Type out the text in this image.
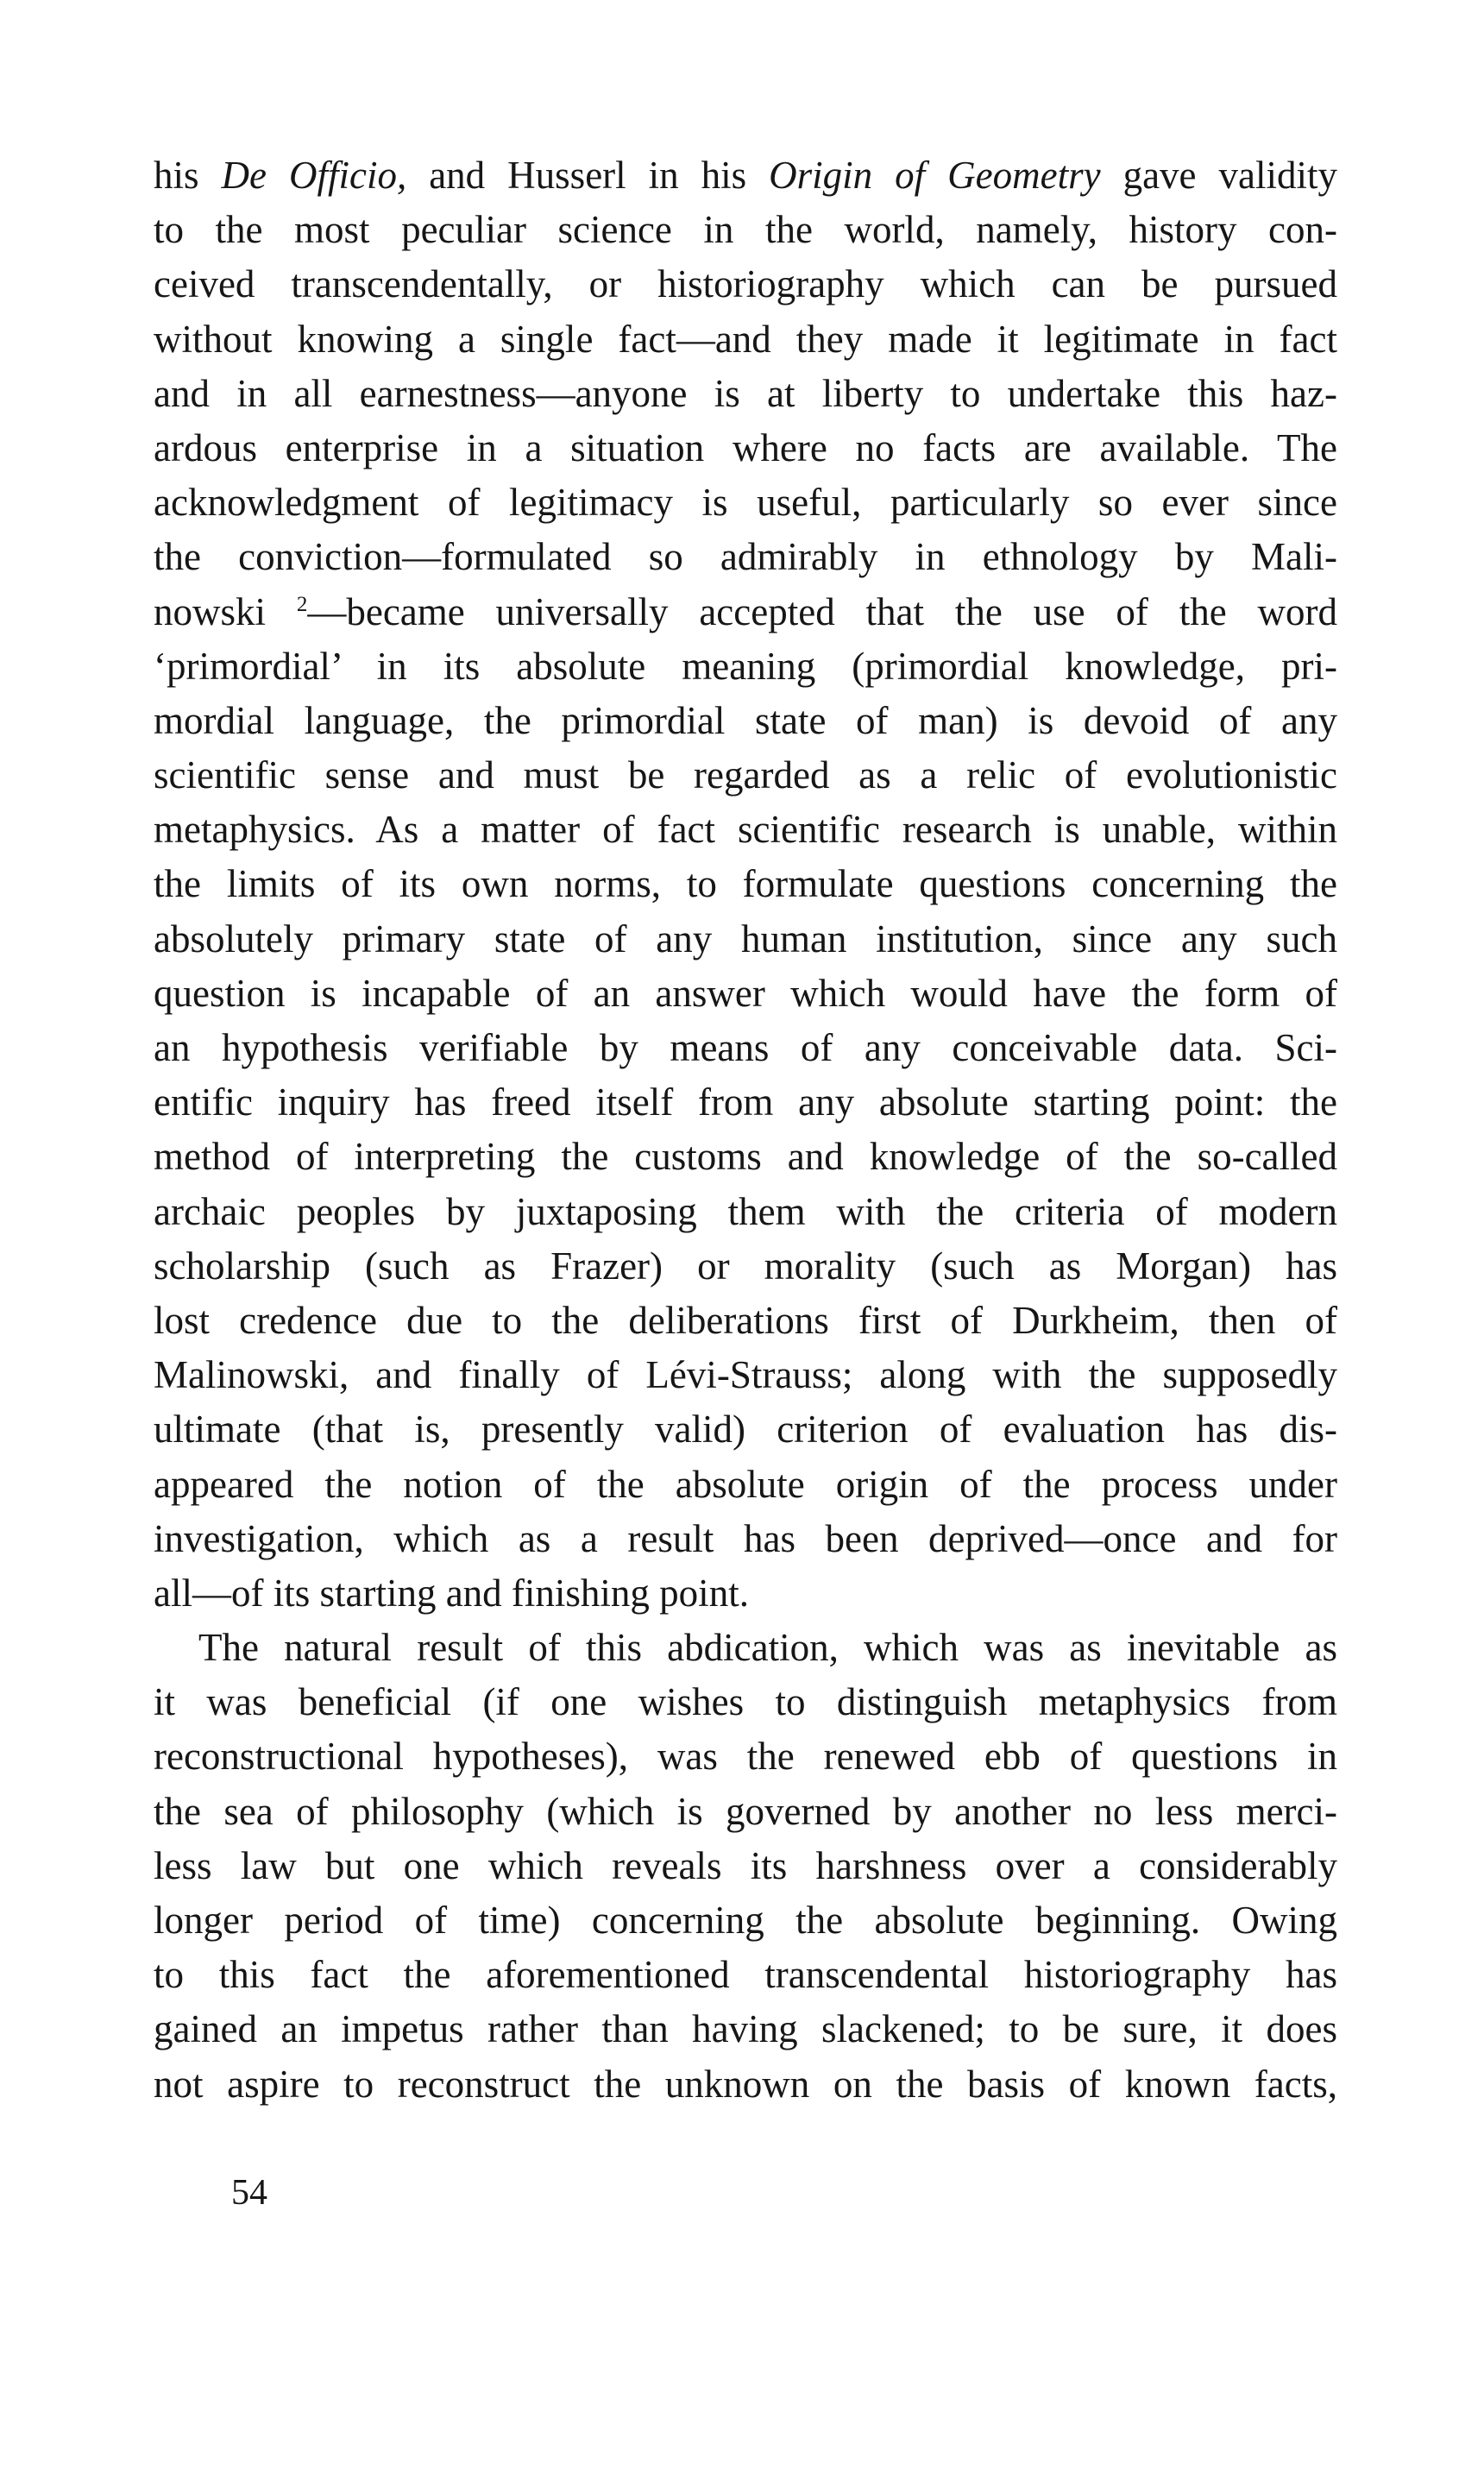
his De Officio, and Husserl in his Origin of Geometry gave validity
to the most peculiar science in the world, namely, history con-
ceived transcendentally, or historiography which can be pursued
without knowing a single fact—and they made it legitimate in fact
and in all earnestness—anyone is at liberty to undertake this haz-
ardous enterprise in a situation where no facts are available. The
acknowledgment of legitimacy is useful, particularly so ever since
the conviction—formulated so admirably in ethnology by Mali-
nowski $^2$—became universally accepted that the use of the word
‘primordial’ in its absolute meaning (primordial knowledge, pri-
mordial language, the primordial state of man) is devoid of any
scientific sense and must be regarded as a relic of evolutionistic
metaphysics. As a matter of fact scientific research is unable, within
the limits of its own norms, to formulate questions concerning the
absolutely primary state of any human institution, since any such
question is incapable of an answer which would have the form of
an hypothesis verifiable by means of any conceivable data. Sci-
entific inquiry has freed itself from any absolute starting point: the
method of interpreting the customs and knowledge of the so-called
archaic peoples by juxtaposing them with the criteria of modern
scholarship (such as Frazer) or morality (such as Morgan) has
lost credence due to the deliberations first of Durkheim, then of
Malinowski, and finally of Lévi-Strauss; along with the supposedly
ultimate (that is, presently valid) criterion of evaluation has dis-
appeared the notion of the absolute origin of the process under
investigation, which as a result has been deprived—once and for
all—of its starting and finishing point.
The natural result of this abdication, which was as inevitable as
it was beneficial (if one wishes to distinguish metaphysics from
reconstructional hypotheses), was the renewed ebb of questions in
the sea of philosophy (which is governed by another no less merci-
less law but one which reveals its harshness over a considerably
longer period of time) concerning the absolute beginning. Owing
to this fact the aforementioned transcendental historiography has
gained an impetus rather than having slackened; to be sure, it does
not aspire to reconstruct the unknown on the basis of known facts,
54
